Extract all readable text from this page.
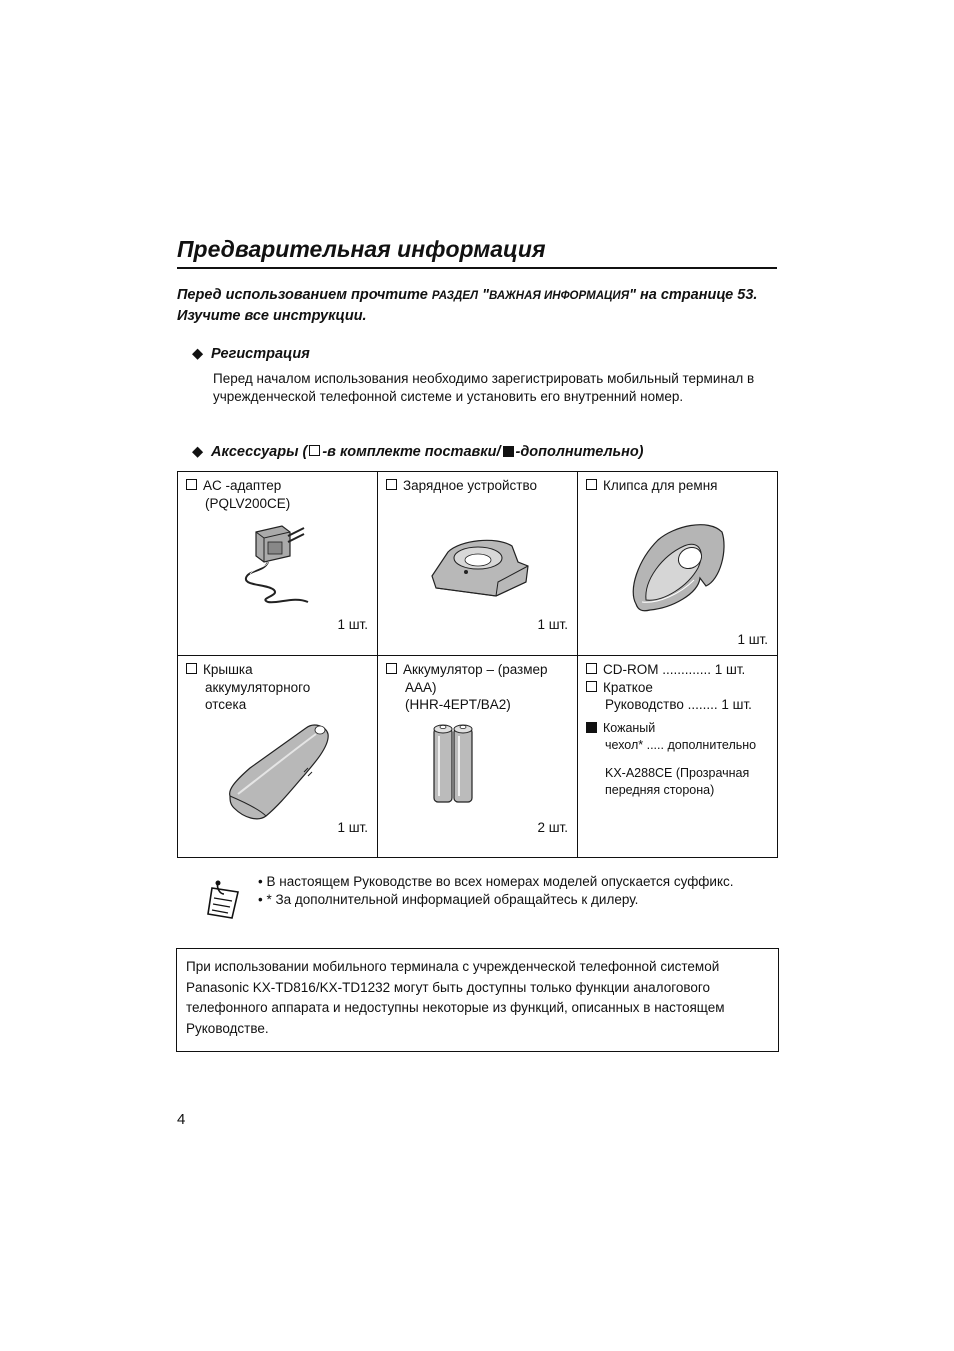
Предварительная информация
Перед использованием прочтите РАЗДЕЛ "ВАЖНАЯ ИНФОРМАЦИЯ" на странице 53. Изучите все инструкции.
◆ Регистрация
Перед началом использования необходимо зарегистрировать мобильный терминал в учрежденческой телефонной системе и установить его внутренний номер.
◆ Аксессуары ( -в комплекте поставки/ -дополнительно)
AC -адаптер
(PQLV200CE)
1 шт.
Зарядное устройство
1 шт.
Клипса для ремня
1 шт.
Крышка
аккумуляторного
отсека
1 шт.
Аккумулятор – (размер
AAA)
(HHR-4EPT/BA2)
2 шт.
CD-ROM ............. 1 шт.
Краткое
Руководство ........ 1 шт.
Кожаный
чехол* ..... дополнительно
KX-A288CE (Прозрачная
передняя сторона)
• В настоящем Руководстве во всех номерах моделей опускается суффикс.
• * За дополнительной информацией обращайтесь к дилеру.
При использовании мобильного терминала с учрежденческой телефонной системой Panasonic KX-TD816/KX-TD1232 могут быть доступны только функции аналогового телефонного аппарата и недоступны некоторые из функций, описанных в настоящем Руководстве.
4
